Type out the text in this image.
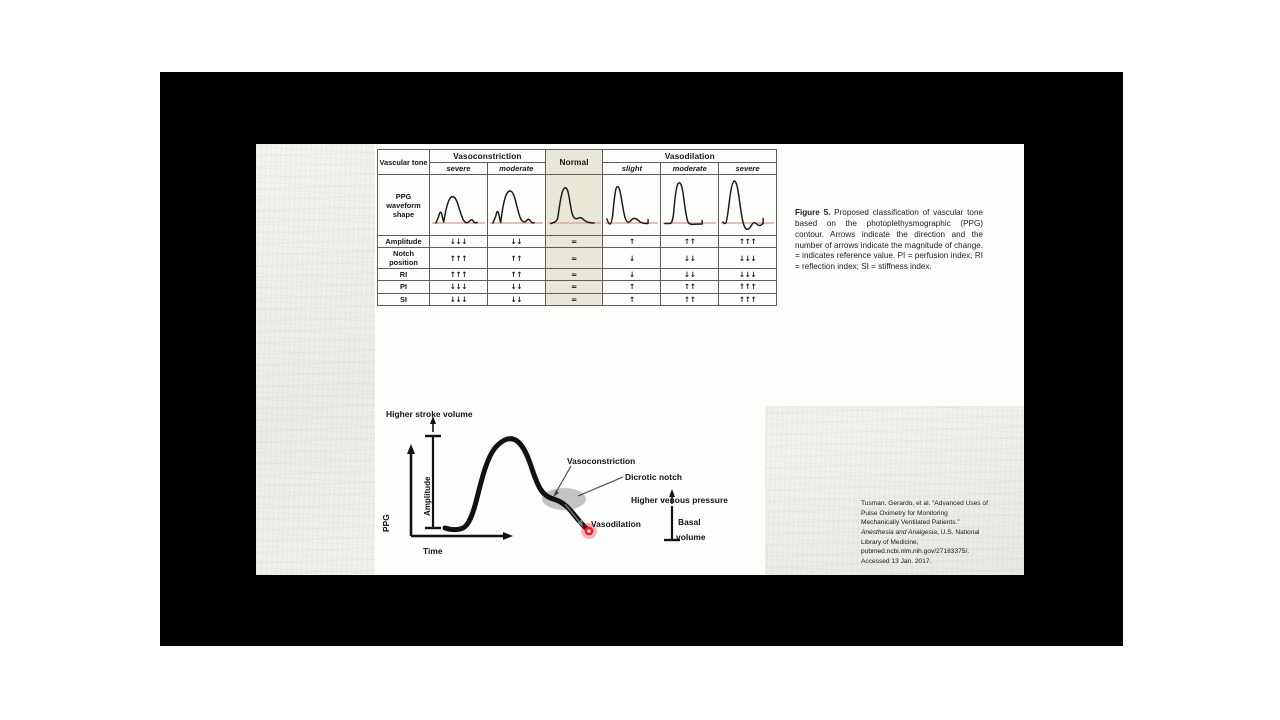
Vascular tone	Vasoconstriction		Normal	Vasodilation		
	severe	moderate		slight	moderate	severe
PPG waveform shape	

Amplitude	↓↓↓	↓↓	=	↑	↑↑	↑↑↑
Notch position	↑↑↑	↑↑	=	↓	↓↓	↓↓↓
RI	↑↑↑	↑↑	=	↓	↓↓	↓↓↓
PI	↓↓↓	↓↓	=	↑	↑↑	↑↑↑
SI	↓↓↓	↓↓	=	↑	↑↑	↑↑↑
Figure 5. Proposed classification of vascular tone based on the photoplethysmographic (PPG) contour. Arrows indicate the direction and the number of arrows indicate the magnitude of change. = indicates reference value. PI = perfusion index; RI = reflection index; SI = stiffness index.
Tusman, Gerardo, et al. “Advanced Uses of
Pulse Oximetry for Monitoring
Mechanically Ventilated Patients.”
Anesthesia and Analgesia, U.S. National
Library of Medicine,
pubmed.ncbi.nlm.nih.gov/27183375/.
Accessed 13 Jan. 2017.
Higher stroke volume
PPG
Amplitude
Time
Vasoconstriction
Dicrotic notch
Higher venous pressure
Vasodilation	Basal
volume
